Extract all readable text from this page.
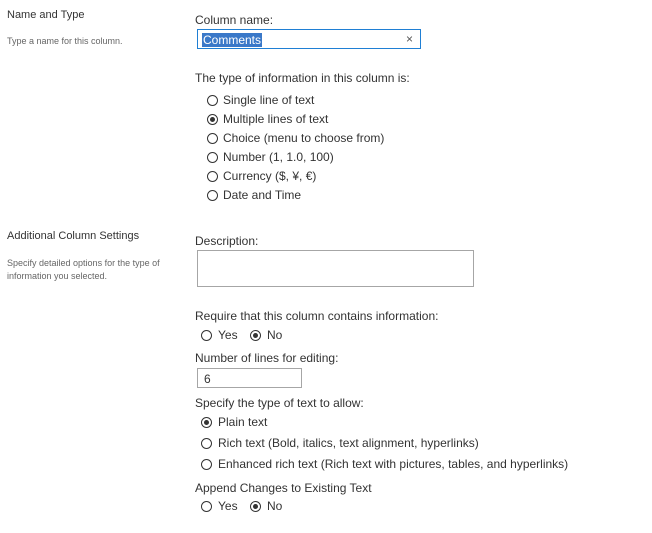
Name and Type
Type a name for this column.
Additional Column Settings
Specify detailed options for the type of information you selected.
Column name:
Comments	×
The type of information in this column is:
Single line of text
Multiple lines of text
Choice (menu to choose from)
Number (1, 1.0, 100)
Currency ($, ¥, €)
Date and Time
Description:
Require that this column contains information:
Yes No
Number of lines for editing:
6
Specify the type of text to allow:
Plain text
Rich text (Bold, italics, text alignment, hyperlinks)
Enhanced rich text (Rich text with pictures, tables, and hyperlinks)
Append Changes to Existing Text
Yes No
